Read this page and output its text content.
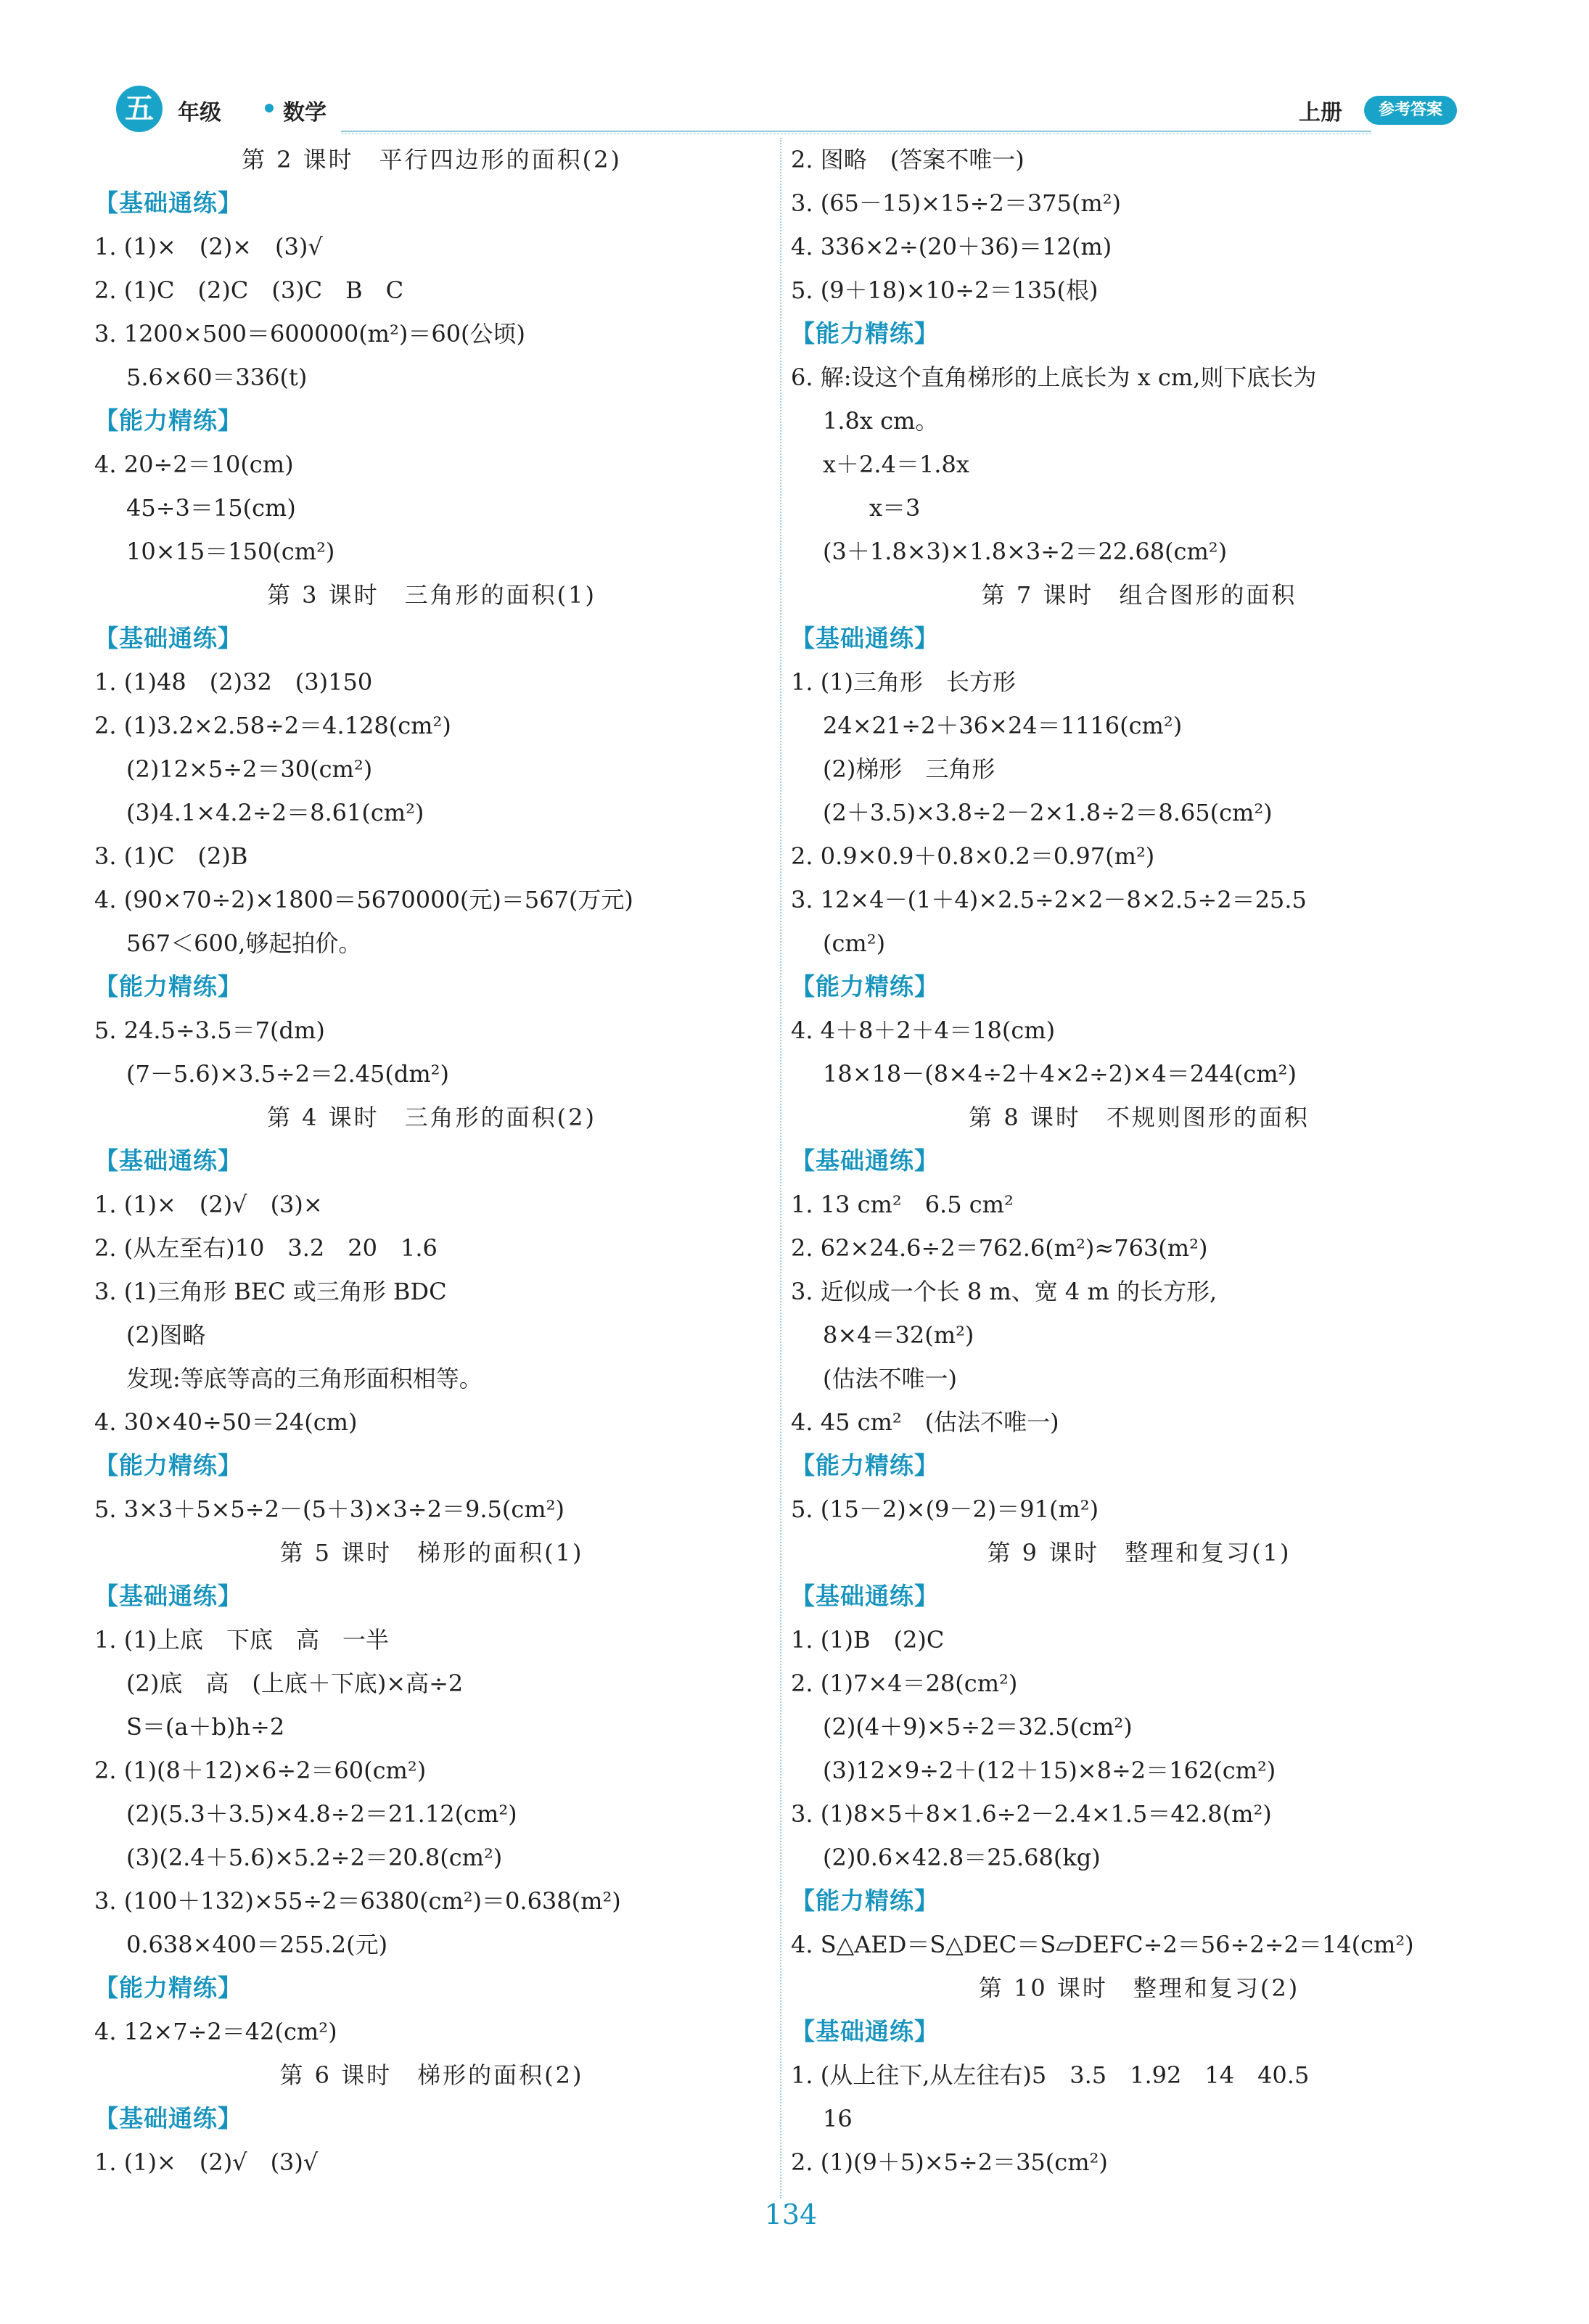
五	年级	数学	上册	参考答案
第 2 课时　平行四边形的面积(2)
【基础通练】
1. (1)×　(2)×　(3)√
2. (1)C　(2)C　(3)C　B　C
3. 1200×500＝600000(m²)＝60(公顷)
5.6×60＝336(t)
【能力精练】
4. 20÷2＝10(cm)
45÷3＝15(cm)
10×15＝150(cm²)
第 3 课时　三角形的面积(1)
【基础通练】
1. (1)48　(2)32　(3)150
2. (1)3.2×2.58÷2＝4.128(cm²)
(2)12×5÷2＝30(cm²)
(3)4.1×4.2÷2＝8.61(cm²)
3. (1)C　(2)B
4. (90×70÷2)×1800＝5670000(元)＝567(万元)
567＜600,够起拍价。
【能力精练】
5. 24.5÷3.5＝7(dm)
(7－5.6)×3.5÷2＝2.45(dm²)
第 4 课时　三角形的面积(2)
【基础通练】
1. (1)×　(2)√　(3)×
2. (从左至右)10　3.2　20　1.6
3. (1)三角形 BEC 或三角形 BDC
(2)图略
发现:等底等高的三角形面积相等。
4. 30×40÷50＝24(cm)
【能力精练】
5. 3×3＋5×5÷2－(5＋3)×3÷2＝9.5(cm²)
第 5 课时　梯形的面积(1)
【基础通练】
1. (1)上底　下底　高　一半
(2)底　高　(上底＋下底)×高÷2
S＝(a＋b)h÷2
2. (1)(8＋12)×6÷2＝60(cm²)
(2)(5.3＋3.5)×4.8÷2＝21.12(cm²)
(3)(2.4＋5.6)×5.2÷2＝20.8(cm²)
3. (100＋132)×55÷2＝6380(cm²)＝0.638(m²)
0.638×400＝255.2(元)
【能力精练】
4. 12×7÷2＝42(cm²)
第 6 课时　梯形的面积(2)
【基础通练】
1. (1)×　(2)√　(3)√
2. 图略　(答案不唯一)
3. (65－15)×15÷2＝375(m²)
4. 336×2÷(20＋36)＝12(m)
5. (9＋18)×10÷2＝135(根)
【能力精练】
6. 解:设这个直角梯形的上底长为 x cm,则下底长为
1.8x cm。
x＋2.4＝1.8x
　　x＝3
(3＋1.8×3)×1.8×3÷2＝22.68(cm²)
第 7 课时　组合图形的面积
【基础通练】
1. (1)三角形　长方形
24×21÷2＋36×24＝1116(cm²)
(2)梯形　三角形
(2＋3.5)×3.8÷2－2×1.8÷2＝8.65(cm²)
2. 0.9×0.9＋0.8×0.2＝0.97(m²)
3. 12×4－(1＋4)×2.5÷2×2－8×2.5÷2＝25.5
(cm²)
【能力精练】
4. 4＋8＋2＋4＝18(cm)
18×18－(8×4÷2＋4×2÷2)×4＝244(cm²)
第 8 课时　不规则图形的面积
【基础通练】
1. 13 cm²　6.5 cm²
2. 62×24.6÷2＝762.6(m²)≈763(m²)
3. 近似成一个长 8 m、宽 4 m 的长方形,
8×4＝32(m²)
(估法不唯一)
4. 45 cm²　(估法不唯一)
【能力精练】
5. (15－2)×(9－2)＝91(m²)
第 9 课时　整理和复习(1)
【基础通练】
1. (1)B　(2)C
2. (1)7×4＝28(cm²)
(2)(4＋9)×5÷2＝32.5(cm²)
(3)12×9÷2＋(12＋15)×8÷2＝162(cm²)
3. (1)8×5＋8×1.6÷2－2.4×1.5＝42.8(m²)
(2)0.6×42.8＝25.68(kg)
【能力精练】
4. S△AED＝S△DEC＝S▱DEFC÷2＝56÷2÷2＝14(cm²)
第 10 课时　整理和复习(2)
【基础通练】
1. (从上往下,从左往右)5　3.5　1.92　14　40.5
16
2. (1)(9＋5)×5÷2＝35(cm²)
134
